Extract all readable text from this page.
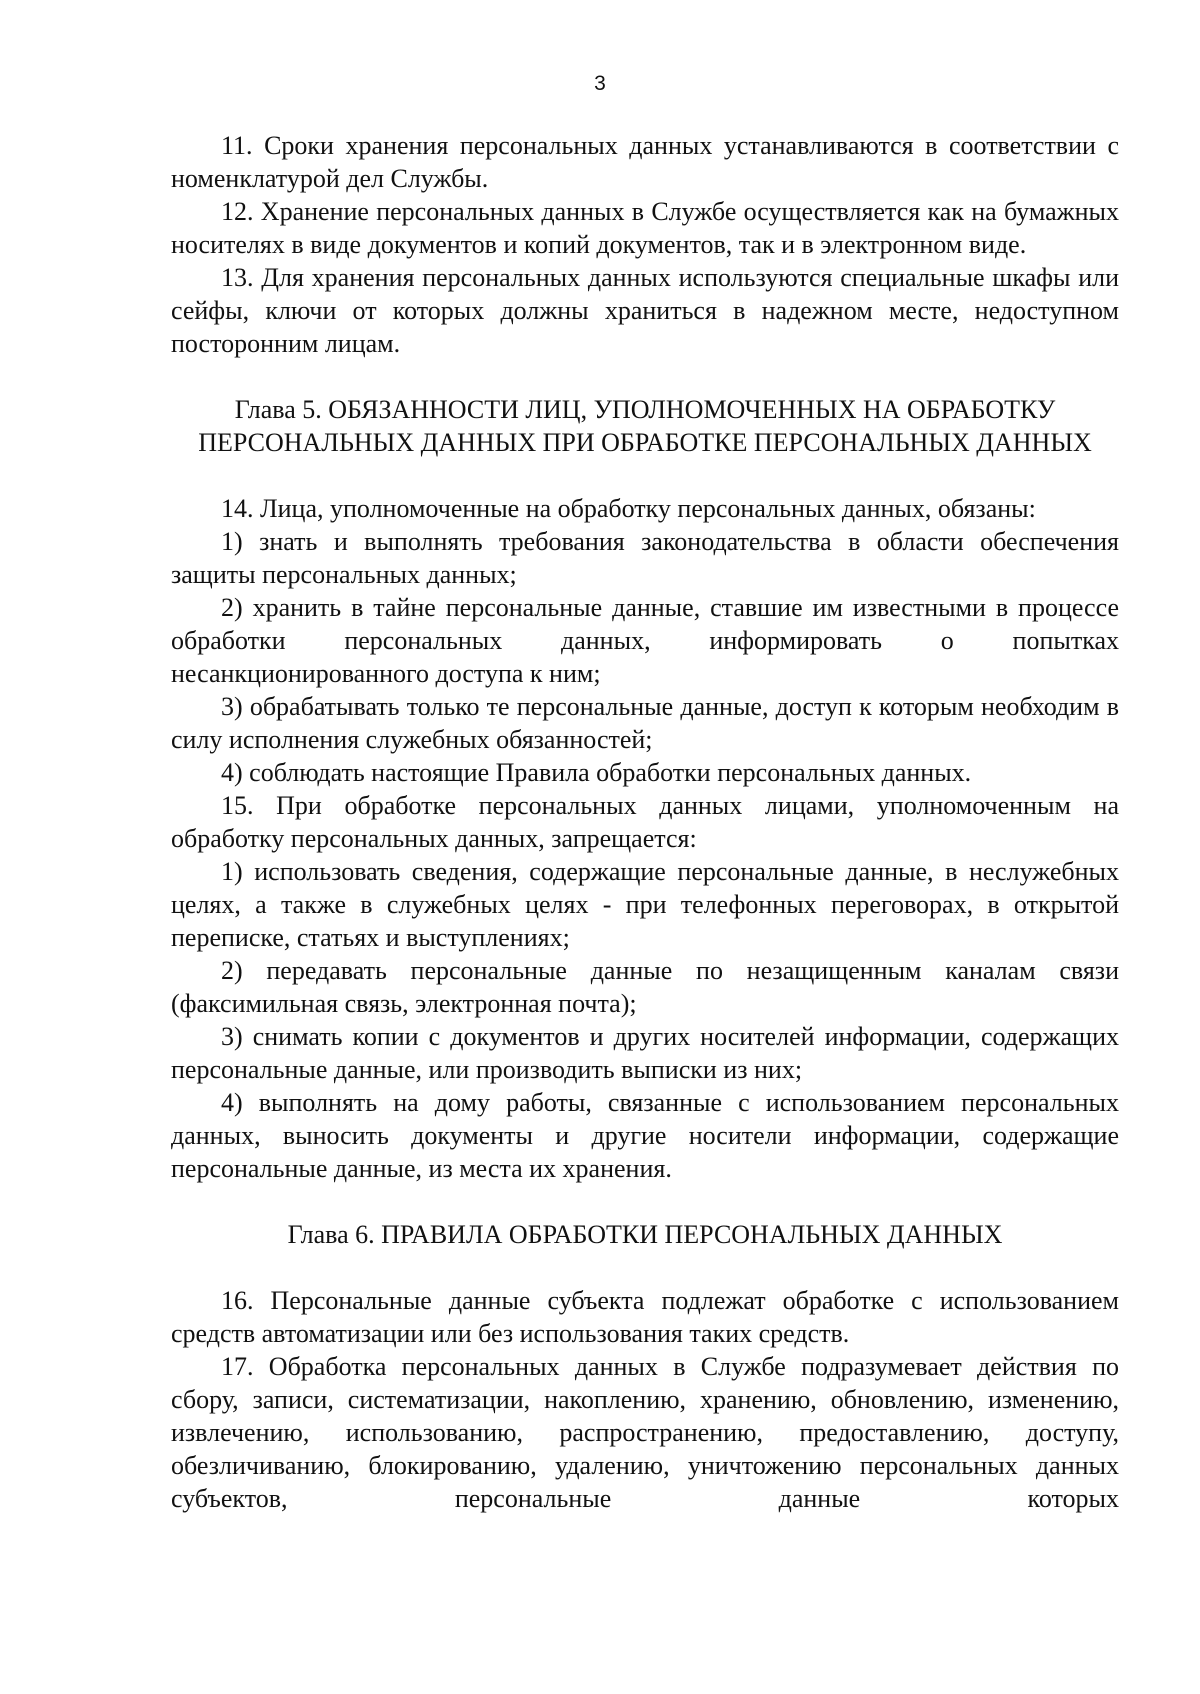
3

11. Сроки хранения персональных данных устанавливаются в соответствии с номенклатурой дел Службы.

12. Хранение персональных данных в Службе осуществляется как на бумажных носителях в виде документов и копий документов, так и в электронном виде.

13. Для хранения персональных данных используются специальные шкафы или сейфы, ключи от которых должны храниться в надежном месте, недоступном посторонним лицам.

Глава 5. ОБЯЗАННОСТИ ЛИЦ, УПОЛНОМОЧЕННЫХ НА ОБРАБОТКУ ПЕРСОНАЛЬНЫХ ДАННЫХ ПРИ ОБРАБОТКЕ ПЕРСОНАЛЬНЫХ ДАННЫХ

14. Лица, уполномоченные на обработку персональных данных, обязаны:

1) знать и выполнять требования законодательства в области обеспечения защиты персональных данных;

2) хранить в тайне персональные данные, ставшие им известными в процессе обработки персональных данных, информировать о попытках несанкционированного доступа к ним;

3) обрабатывать только те персональные данные, доступ к которым необходим в силу исполнения служебных обязанностей;

4) соблюдать настоящие Правила обработки персональных данных.

15. При обработке персональных данных лицами, уполномоченным на обработку персональных данных, запрещается:

1) использовать сведения, содержащие персональные данные, в неслужебных целях, а также в служебных целях - при телефонных переговорах, в открытой переписке, статьях и выступлениях;

2) передавать персональные данные по незащищенным каналам связи (факсимильная связь, электронная почта);

3) снимать копии с документов и других носителей информации, содержащих персональные данные, или производить выписки из них;

4) выполнять на дому работы, связанные с использованием персональных данных, выносить документы и другие носители информации, содержащие персональные данные, из места их хранения.

Глава 6. ПРАВИЛА ОБРАБОТКИ ПЕРСОНАЛЬНЫХ ДАННЫХ

16. Персональные данные субъекта подлежат обработке с использованием средств автоматизации или без использования таких средств.

17. Обработка персональных данных в Службе подразумевает действия по сбору, записи, систематизации, накоплению, хранению, обновлению, изменению, извлечению, использованию, распространению, предоставлению, доступу, обезличиванию, блокированию, удалению, уничтожению персональных данных субъектов, персональные данные которых
